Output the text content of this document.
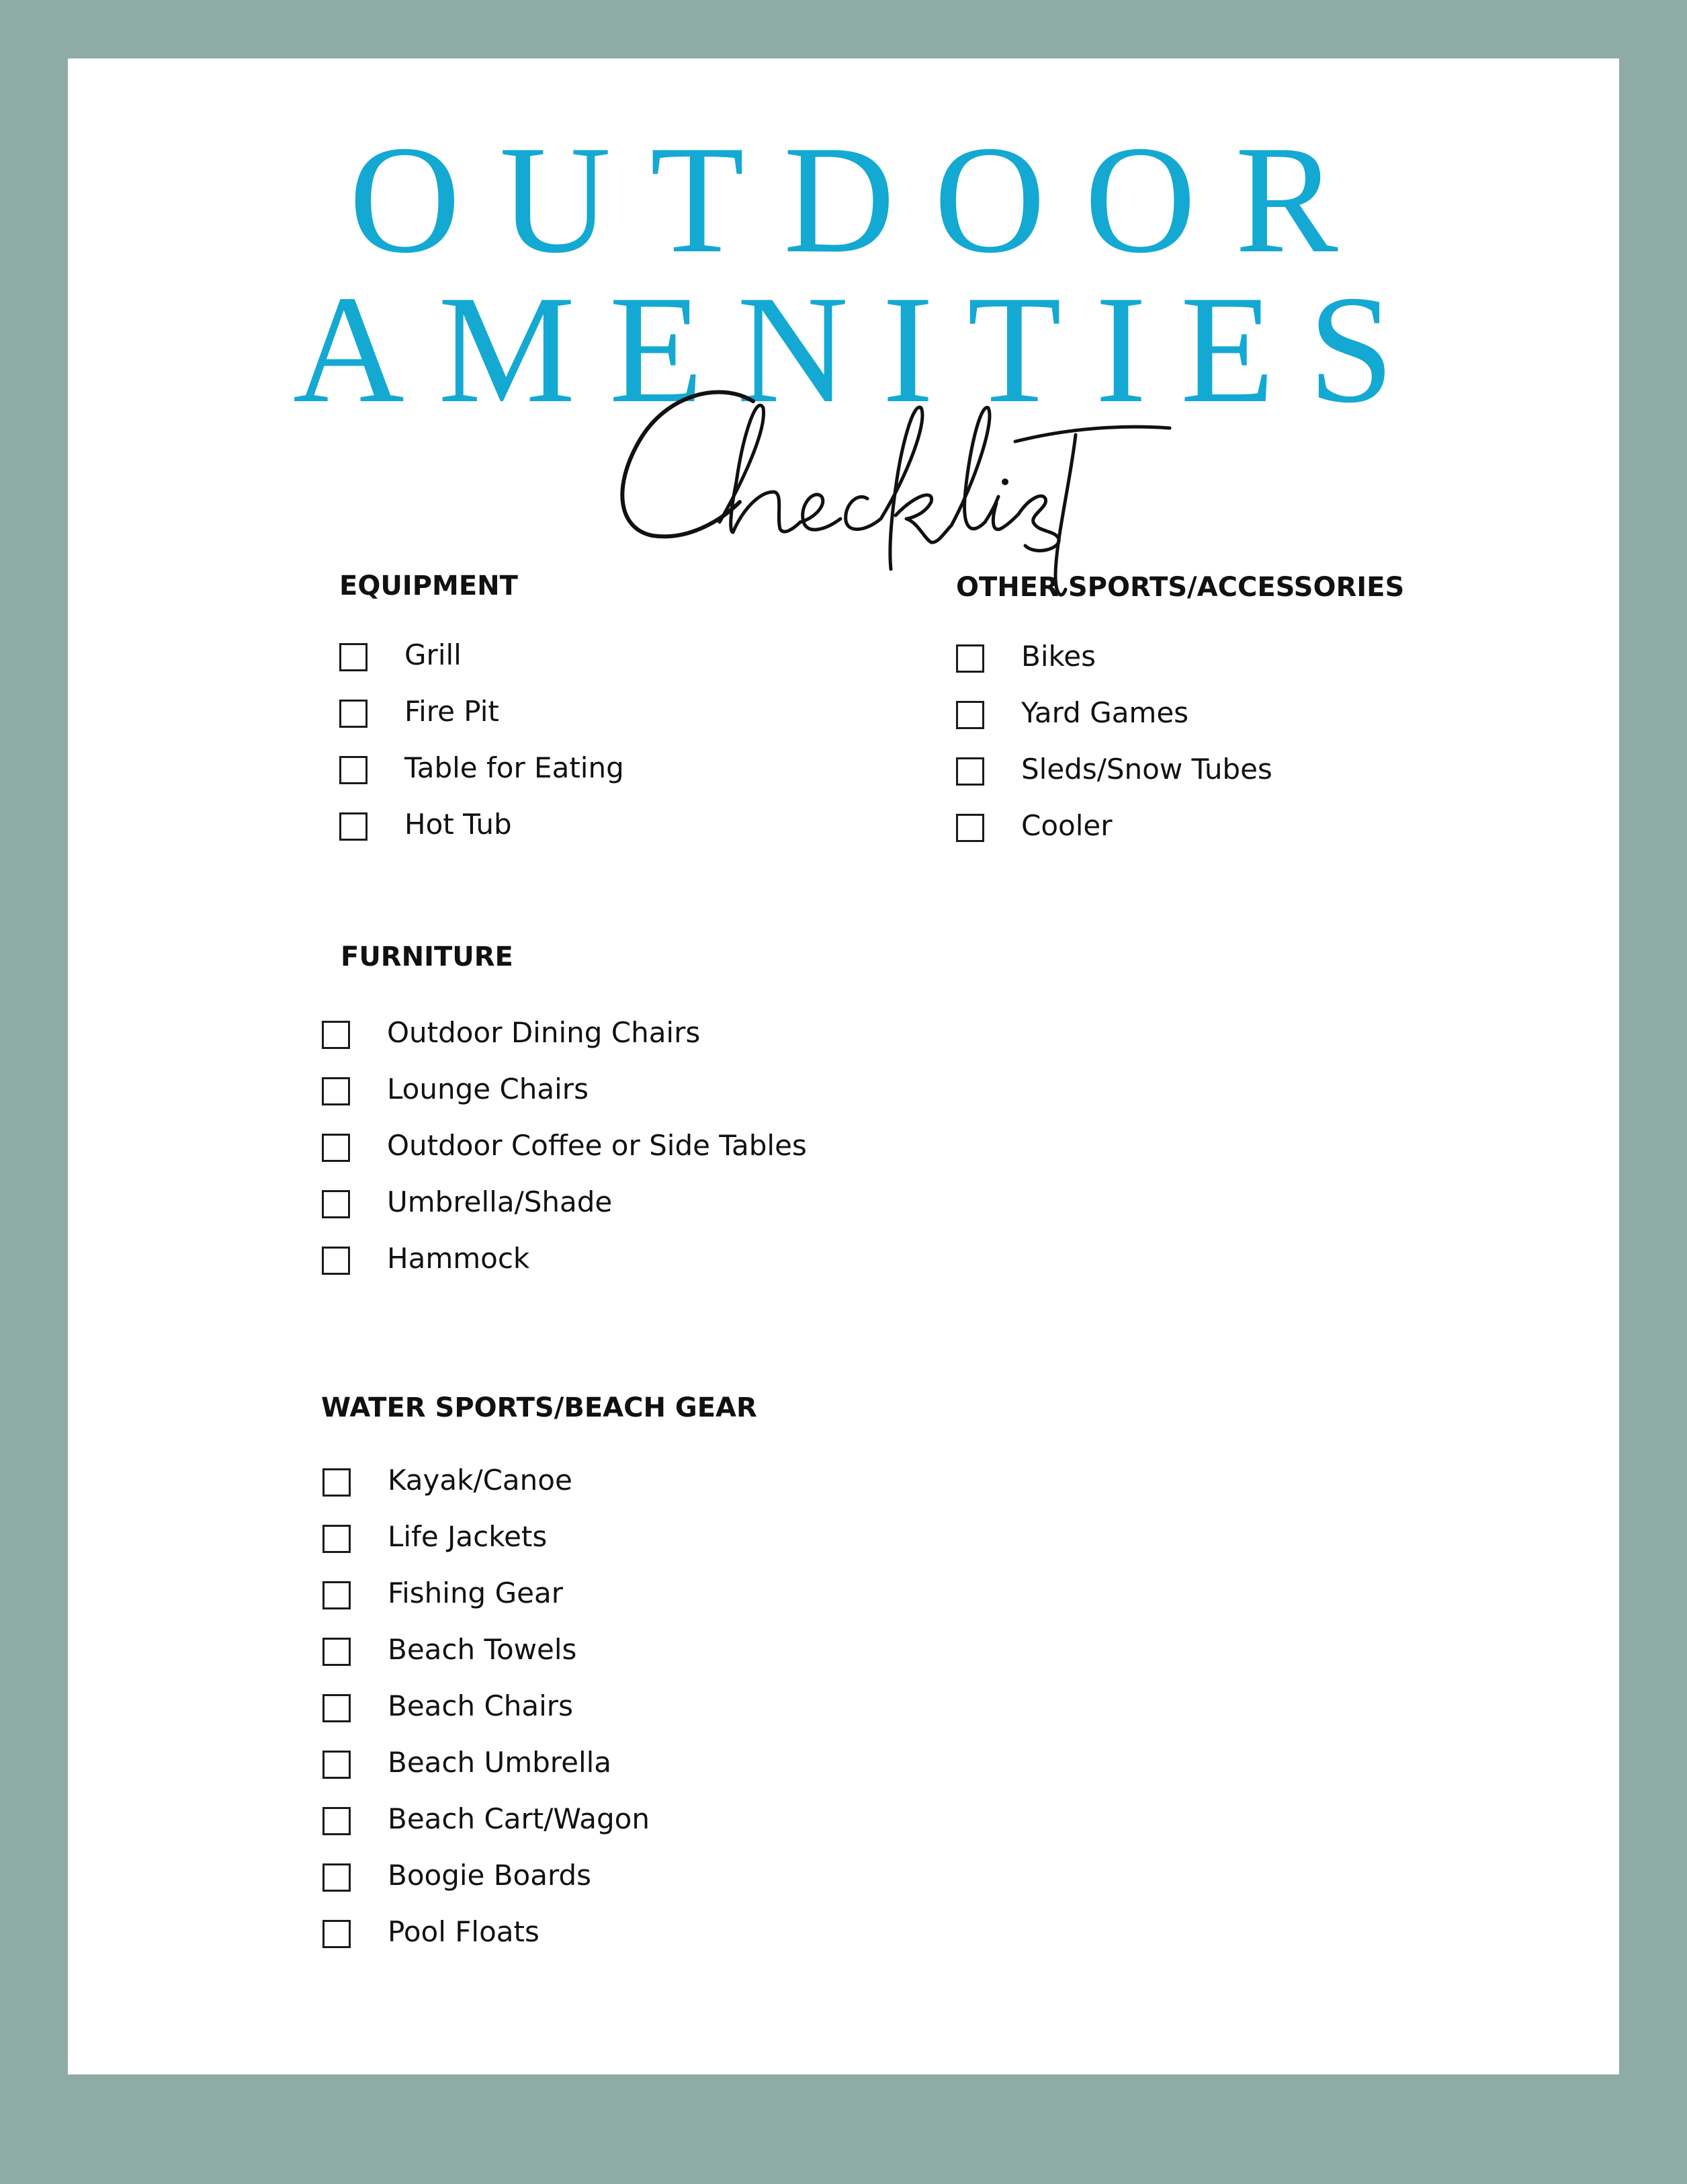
OUTDOOR
AMENITIES
EQUIPMENT
Grill
Fire Pit
Table for Eating
Hot Tub
OTHER SPORTS/ACCESSORIES
Bikes
Yard Games
Sleds/Snow Tubes
Cooler
FURNITURE
Outdoor Dining Chairs
Lounge Chairs
Outdoor Coffee or Side Tables
Umbrella/Shade
Hammock
WATER SPORTS/BEACH GEAR
Kayak/Canoe
Life Jackets
Fishing Gear
Beach Towels
Beach Chairs
Beach Umbrella
Beach Cart/Wagon
Boogie Boards
Pool Floats
